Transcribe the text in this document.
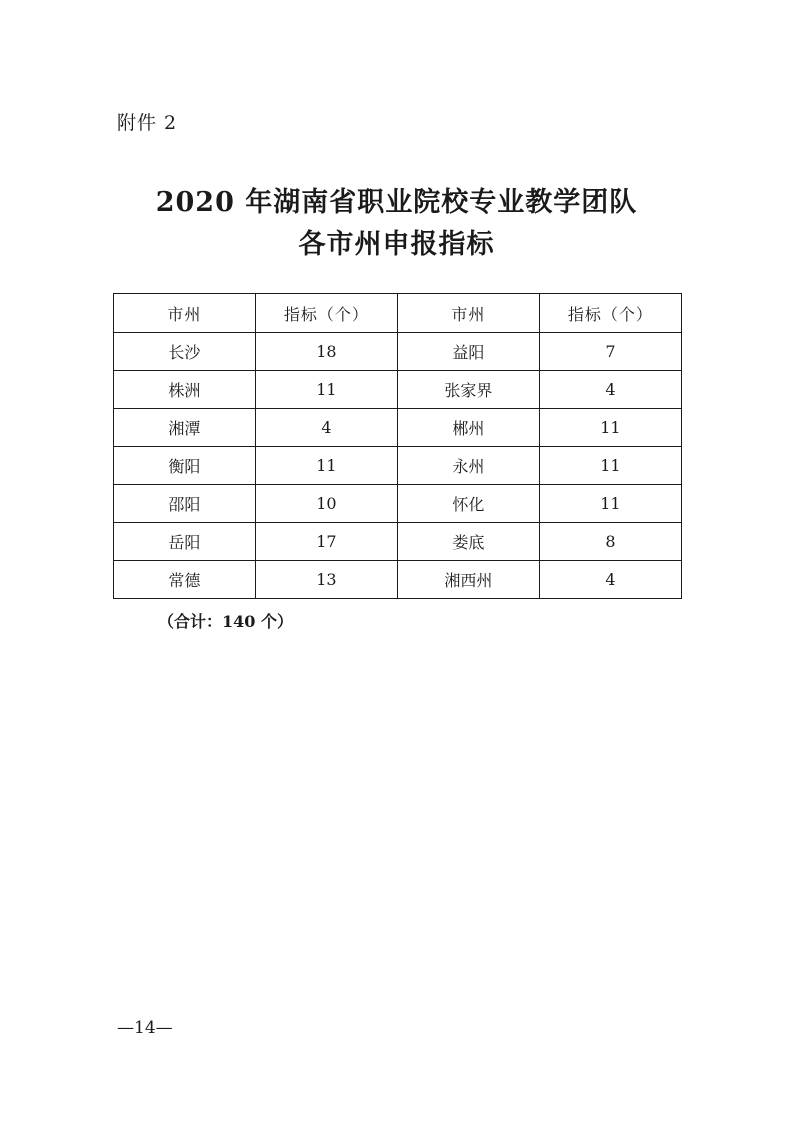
附件 2
2020 年湖南省职业院校专业教学团队
各市州申报指标
市州	指标（个）	市州	指标（个）
长沙	18	益阳	7
株洲	11	张家界	4
湘潭	4	郴州	11
衡阳	11	永州	11
邵阳	10	怀化	11
岳阳	17	娄底	8
常德	13	湘西州	4
（合计：140 个）
—14—
